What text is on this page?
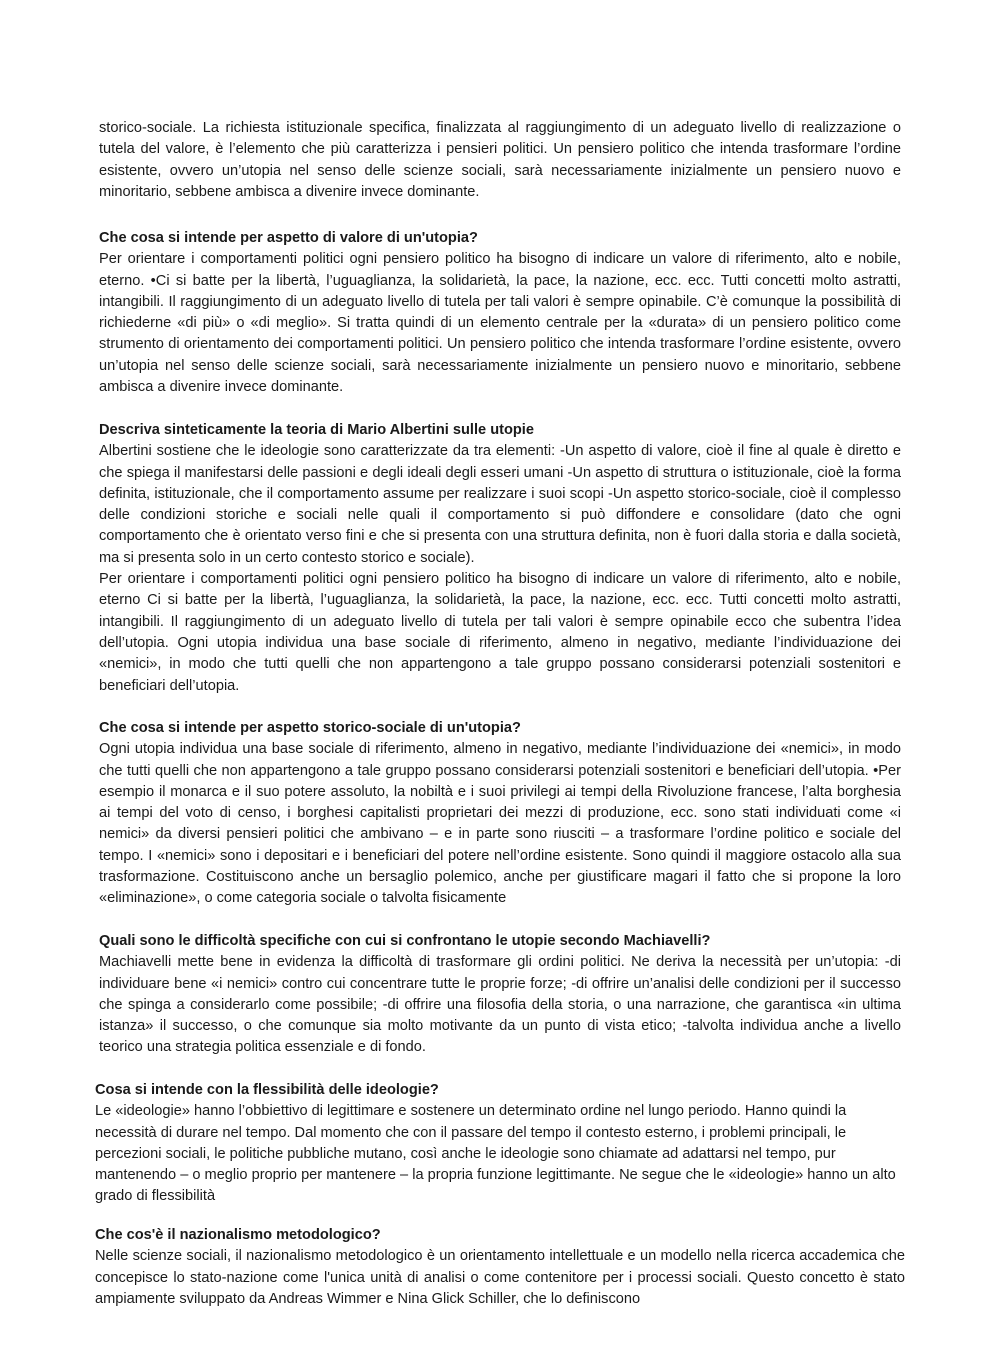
storico-sociale. La richiesta istituzionale specifica, finalizzata al raggiungimento di un adeguato livello di realizzazione o tutela del valore, è l’elemento che più caratterizza i pensieri politici. Un pensiero politico che intenda trasformare l’ordine esistente, ovvero un’utopia nel senso delle scienze sociali, sarà necessariamente inizialmente un pensiero nuovo e minoritario, sebbene ambisca a divenire invece dominante.

Che cosa si intende per aspetto di valore di un'utopia?

Per orientare i comportamenti politici ogni pensiero politico ha bisogno di indicare un valore di riferimento, alto e nobile, eterno. •Ci si batte per la libertà, l’uguaglianza, la solidarietà, la pace, la nazione, ecc. ecc. Tutti concetti molto astratti, intangibili. Il raggiungimento di un adeguato livello di tutela per tali valori è sempre opinabile. C’è comunque la possibilità di richiederne «di più» o «di meglio». Si tratta quindi di un elemento centrale per la «durata» di un pensiero politico come strumento di orientamento dei comportamenti politici. Un pensiero politico che intenda trasformare l’ordine esistente, ovvero un’utopia nel senso delle scienze sociali, sarà necessariamente inizialmente un pensiero nuovo e minoritario, sebbene ambisca a divenire invece dominante.

Descriva sinteticamente la teoria di Mario Albertini sulle utopie

Albertini sostiene che le ideologie sono caratterizzate da tra elementi: -Un aspetto di valore, cioè il fine al quale è diretto e che spiega il manifestarsi delle passioni e degli ideali degli esseri umani -Un aspetto di struttura o istituzionale, cioè la forma definita, istituzionale, che il comportamento assume per realizzare i suoi scopi -Un aspetto storico-sociale, cioè il complesso delle condizioni storiche e sociali nelle quali il comportamento si può diffondere e consolidare (dato che ogni comportamento che è orientato verso fini e che si presenta con una struttura definita, non è fuori dalla storia e dalla società, ma si presenta solo in un certo contesto storico e sociale).

Per orientare i comportamenti politici ogni pensiero politico ha bisogno di indicare un valore di riferimento, alto e nobile, eterno Ci si batte per la libertà, l’uguaglianza, la solidarietà, la pace, la nazione, ecc. ecc. Tutti concetti molto astratti, intangibili. Il raggiungimento di un adeguato livello di tutela per tali valori è sempre opinabile ecco che subentra l’idea dell’utopia. Ogni utopia individua una base sociale di riferimento, almeno in negativo, mediante l’individuazione dei «nemici», in modo che tutti quelli che non appartengono a tale gruppo possano considerarsi potenziali sostenitori e beneficiari dell’utopia.

Che cosa si intende per aspetto storico-sociale di un'utopia?

Ogni utopia individua una base sociale di riferimento, almeno in negativo, mediante l’individuazione dei «nemici», in modo che tutti quelli che non appartengono a tale gruppo possano considerarsi potenziali sostenitori e beneficiari dell’utopia. •Per esempio il monarca e il suo potere assoluto, la nobiltà e i suoi privilegi ai tempi della Rivoluzione francese, l’alta borghesia ai tempi del voto di censo, i borghesi capitalisti proprietari dei mezzi di produzione, ecc. sono stati individuati come «i nemici» da diversi pensieri politici che ambivano – e in parte sono riusciti – a trasformare l’ordine politico e sociale del tempo. I «nemici» sono i depositari e i beneficiari del potere nell’ordine esistente. Sono quindi il maggiore ostacolo alla sua trasformazione. Costituiscono anche un bersaglio polemico, anche per giustificare magari il fatto che si propone la loro «eliminazione», o come categoria sociale o talvolta fisicamente

Quali sono le difficoltà specifiche con cui si confrontano le utopie secondo Machiavelli?

Machiavelli mette bene in evidenza la difficoltà di trasformare gli ordini politici. Ne deriva la necessità per un’utopia: -di individuare bene «i nemici» contro cui concentrare tutte le proprie forze; -di offrire un’analisi delle condizioni per il successo che spinga a considerarlo come possibile; -di offrire una filosofia della storia, o una narrazione, che garantisca «in ultima istanza» il successo, o che comunque sia molto motivante da un punto di vista etico; -talvolta individua anche a livello teorico una strategia politica essenziale e di fondo.

Cosa si intende con la flessibilità delle ideologie?

Le «ideologie» hanno l’obbiettivo di legittimare e sostenere un determinato ordine nel lungo periodo. Hanno quindi la necessità di durare nel tempo. Dal momento che con il passare del tempo il contesto esterno, i problemi principali, le percezioni sociali, le politiche pubbliche mutano, così anche le ideologie sono chiamate ad adattarsi nel tempo, pur mantenendo – o meglio proprio per mantenere – la propria funzione legittimante. Ne segue che le «ideologie» hanno un alto grado di flessibilità

Che cos'è il nazionalismo metodologico?

Nelle scienze sociali, il nazionalismo metodologico è un orientamento intellettuale e un modello nella ricerca accademica che concepisce lo stato-nazione come l'unica unità di analisi o come contenitore per i processi sociali. Questo concetto è stato ampiamente sviluppato da Andreas Wimmer e Nina Glick Schiller, che lo definiscono
